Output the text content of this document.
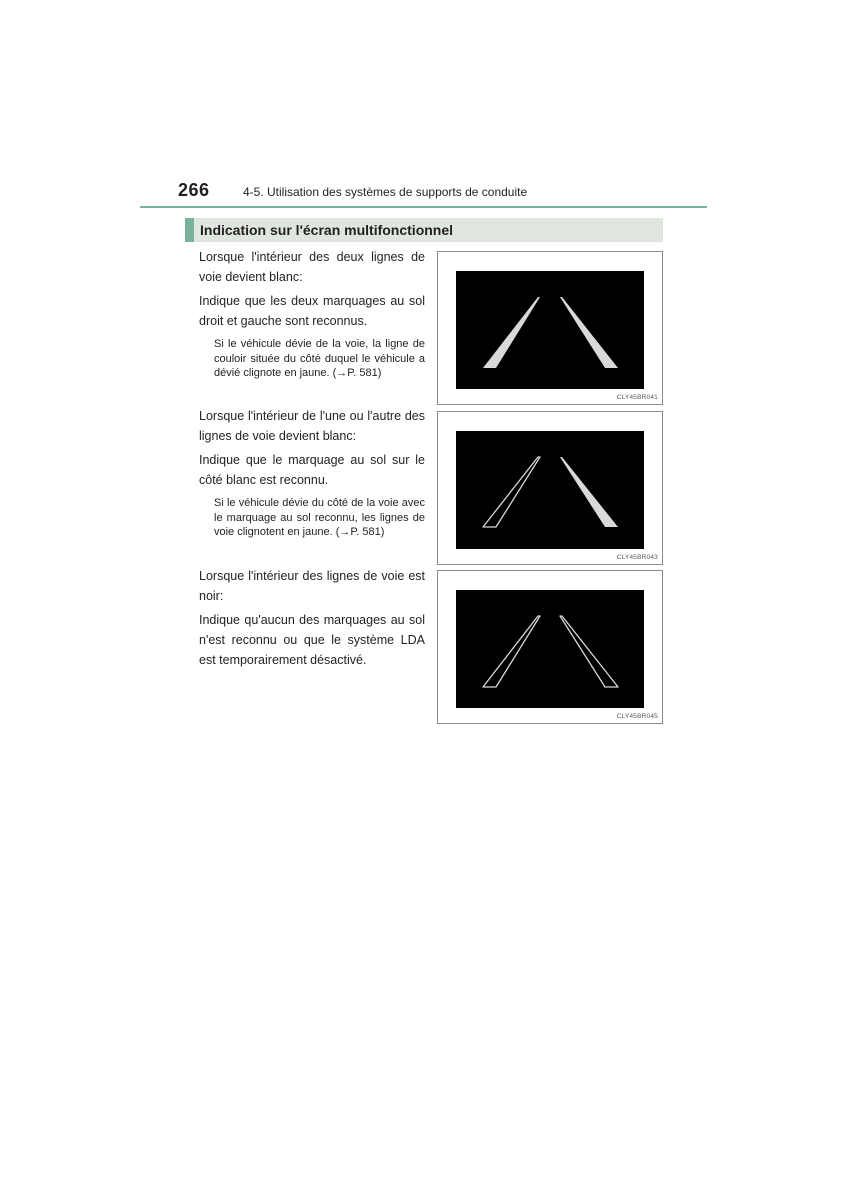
266	4-5. Utilisation des systèmes de supports de conduite
Indication sur l'écran multifonctionnel

Lorsque l'intérieur des deux lignes de voie devient blanc:

Indique que les deux marquages au sol droit et gauche sont reconnus.

Si le véhicule dévie de la voie, la ligne de couloir située du côté duquel le véhicule a dévié clignote en jaune. (→P. 581)

CLY45BR041

Lorsque l'intérieur de l'une ou l'autre des lignes de voie devient blanc:

Indique que le marquage au sol sur le côté blanc est reconnu.

Si le véhicule dévie du côté de la voie avec le marquage au sol reconnu, les lignes de voie clignotent en jaune. (→P. 581)

CLY45BR043

Lorsque l'intérieur des lignes de voie est noir:

Indique qu'aucun des marquages au sol n'est reconnu ou que le système LDA est temporairement désactivé.

CLY45BR045
